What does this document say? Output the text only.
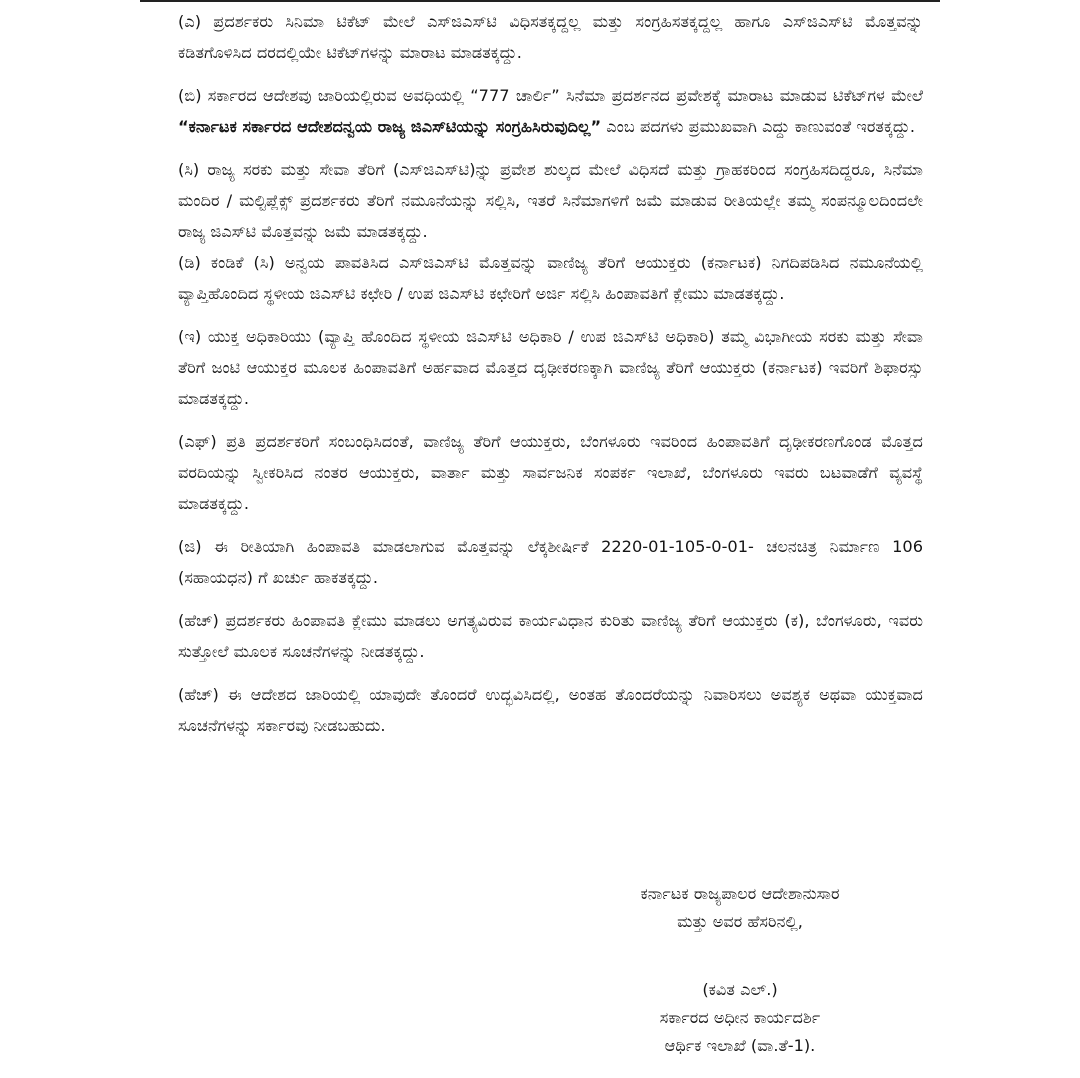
(ಎ) ಪ್ರದರ್ಶಕರು ಸಿನಿಮಾ ಟಿಕೆಟ್ ಮೇಲೆ ಎಸ್‌ಜಿಎಸ್‌ಟಿ ವಿಧಿಸತಕ್ಕದ್ದಲ್ಲ ಮತ್ತು ಸಂಗ್ರಹಿಸತಕ್ಕದ್ದಲ್ಲ ಹಾಗೂ ಎಸ್‌ಜಿಎಸ್‌ಟಿ ಮೊತ್ತವನ್ನು ಕಡಿತಗೊಳಿಸಿದ ದರದಲ್ಲಿಯೇ ಟಿಕೆಟ್‌ಗಳನ್ನು ಮಾರಾಟ ಮಾಡತಕ್ಕದ್ದು.

(ಬಿ) ಸರ್ಕಾರದ ಆದೇಶವು ಜಾರಿಯಲ್ಲಿರುವ ಅವಧಿಯಲ್ಲಿ “777 ಚಾರ್ಲಿ” ಸಿನೆಮಾ ಪ್ರದರ್ಶನದ ಪ್ರವೇಶಕ್ಕೆ ಮಾರಾಟ ಮಾಡುವ ಟಿಕೆಟ್‌ಗಳ ಮೇಲೆ “ಕರ್ನಾಟಕ ಸರ್ಕಾರದ ಆದೇಶದನ್ವಯ ರಾಜ್ಯ ಜಿಎಸ್‌ಟಿಯನ್ನು ಸಂಗ್ರಹಿಸಿರುವುದಿಲ್ಲ” ಎಂಬ ಪದಗಳು ಪ್ರಮುಖವಾಗಿ ಎದ್ದು ಕಾಣುವಂತೆ ಇರತಕ್ಕದ್ದು.

(ಸಿ) ರಾಜ್ಯ ಸರಕು ಮತ್ತು ಸೇವಾ ತೆರಿಗೆ (ಎಸ್‌ಜಿಎಸ್‌ಟಿ)ನ್ನು ಪ್ರವೇಶ ಶುಲ್ಕದ ಮೇಲೆ ವಿಧಿಸದೆ ಮತ್ತು ಗ್ರಾಹಕರಿಂದ ಸಂಗ್ರಹಿಸದಿದ್ದರೂ, ಸಿನೆಮಾ ಮಂದಿರ / ಮಲ್ಟಿಪ್ಲೆಕ್ಸ್ ಪ್ರದರ್ಶಕರು ತೆರಿಗೆ ನಮೂನೆಯನ್ನು ಸಲ್ಲಿಸಿ, ಇತರೆ ಸಿನೆಮಾಗಳಿಗೆ ಜಮೆ ಮಾಡುವ ರೀತಿಯಲ್ಲೇ ತಮ್ಮ ಸಂಪನ್ಮೂಲದಿಂದಲೇ ರಾಜ್ಯ ಜಿಎಸ್‌ಟಿ ಮೊತ್ತವನ್ನು ಜಮೆ ಮಾಡತಕ್ಕದ್ದು.

(ಡಿ) ಕಂಡಿಕೆ (ಸಿ) ಅನ್ವಯ ಪಾವತಿಸಿದ ಎಸ್‌ಜಿಎಸ್‌ಟಿ ಮೊತ್ತವನ್ನು ವಾಣಿಜ್ಯ ತೆರಿಗೆ ಆಯುಕ್ತರು (ಕರ್ನಾಟಕ) ನಿಗದಿಪಡಿಸಿದ ನಮೂನೆಯಲ್ಲಿ ವ್ಯಾಪ್ತಿಹೊಂದಿದ ಸ್ಥಳೀಯ ಜಿಎಸ್‌ಟಿ ಕಛೇರಿ / ಉಪ ಜಿಎಸ್‌ಟಿ ಕಛೇರಿಗೆ ಅರ್ಜಿ ಸಲ್ಲಿಸಿ ಹಿಂಪಾವತಿಗೆ ಕ್ಲೇಮು ಮಾಡತಕ್ಕದ್ದು.

(ಇ) ಯುಕ್ತ ಅಧಿಕಾರಿಯು (ವ್ಯಾಪ್ತಿ ಹೊಂದಿದ ಸ್ಥಳೀಯ ಜಿಎಸ್‌ಟಿ ಅಧಿಕಾರಿ / ಉಪ ಜಿಎಸ್‌ಟಿ ಅಧಿಕಾರಿ) ತಮ್ಮ ವಿಭಾಗೀಯ ಸರಕು ಮತ್ತು ಸೇವಾ ತೆರಿಗೆ ಜಂಟಿ ಆಯುಕ್ತರ ಮೂಲಕ ಹಿಂಪಾವತಿಗೆ ಅರ್ಹವಾದ ಮೊತ್ತದ ದೃಢೀಕರಣಕ್ಕಾಗಿ ವಾಣಿಜ್ಯ ತೆರಿಗೆ ಆಯುಕ್ತರು (ಕರ್ನಾಟಕ) ಇವರಿಗೆ ಶಿಫಾರಸ್ಸು ಮಾಡತಕ್ಕದ್ದು.

(ಎಫ್) ಪ್ರತಿ ಪ್ರದರ್ಶಕರಿಗೆ ಸಂಬಂಧಿಸಿದಂತೆ, ವಾಣಿಜ್ಯ ತೆರಿಗೆ ಆಯುಕ್ತರು, ಬೆಂಗಳೂರು ಇವರಿಂದ ಹಿಂಪಾವತಿಗೆ ದೃಢೀಕರಣಗೊಂಡ ಮೊತ್ತದ ವರದಿಯನ್ನು ಸ್ವೀಕರಿಸಿದ ನಂತರ ಆಯುಕ್ತರು, ವಾರ್ತಾ ಮತ್ತು ಸಾರ್ವಜನಿಕ ಸಂಪರ್ಕ ಇಲಾಖೆ, ಬೆಂಗಳೂರು ಇವರು ಬಟವಾಡೆಗೆ ವ್ಯವಸ್ಥೆ ಮಾಡತಕ್ಕದ್ದು.

(ಜಿ) ಈ ರೀತಿಯಾಗಿ ಹಿಂಪಾವತಿ ಮಾಡಲಾಗುವ ಮೊತ್ತವನ್ನು ಲೆಕ್ಕಶೀರ್ಷಿಕೆ 2220-01-105-0-01- ಚಲನಚಿತ್ರ ನಿರ್ಮಾಣ 106 (ಸಹಾಯಧನ) ಗೆ ಖರ್ಚು ಹಾಕತಕ್ಕದ್ದು.

(ಹೆಚ್) ಪ್ರದರ್ಶಕರು ಹಿಂಪಾವತಿ ಕ್ಲೇಮು ಮಾಡಲು ಅಗತ್ಯವಿರುವ ಕಾರ್ಯವಿಧಾನ ಕುರಿತು ವಾಣಿಜ್ಯ ತೆರಿಗೆ ಆಯುಕ್ತರು (ಕ), ಬೆಂಗಳೂರು, ಇವರು ಸುತ್ತೋಲೆ ಮೂಲಕ ಸೂಚನೆಗಳನ್ನು ನೀಡತಕ್ಕದ್ದು.

(ಹೆಚ್) ಈ ಆದೇಶದ ಜಾರಿಯಲ್ಲಿ ಯಾವುದೇ ತೊಂದರೆ ಉದ್ಭವಿಸಿದಲ್ಲಿ, ಅಂತಹ ತೊಂದರೆಯನ್ನು ನಿವಾರಿಸಲು ಅವಶ್ಯಕ ಅಥವಾ ಯುಕ್ತವಾದ ಸೂಚನೆಗಳನ್ನು ಸರ್ಕಾರವು ನೀಡಬಹುದು.

ಕರ್ನಾಟಕ ರಾಜ್ಯಪಾಲರ ಆದೇಶಾನುಸಾರ
ಮತ್ತು ಅವರ ಹೆಸರಿನಲ್ಲಿ,
(ಕವಿತ ಎಲ್.)
ಸರ್ಕಾರದ ಅಧೀನ ಕಾರ್ಯದರ್ಶಿ
ಆರ್ಥಿಕ ಇಲಾಖೆ (ವಾ.ತೆ-1).
